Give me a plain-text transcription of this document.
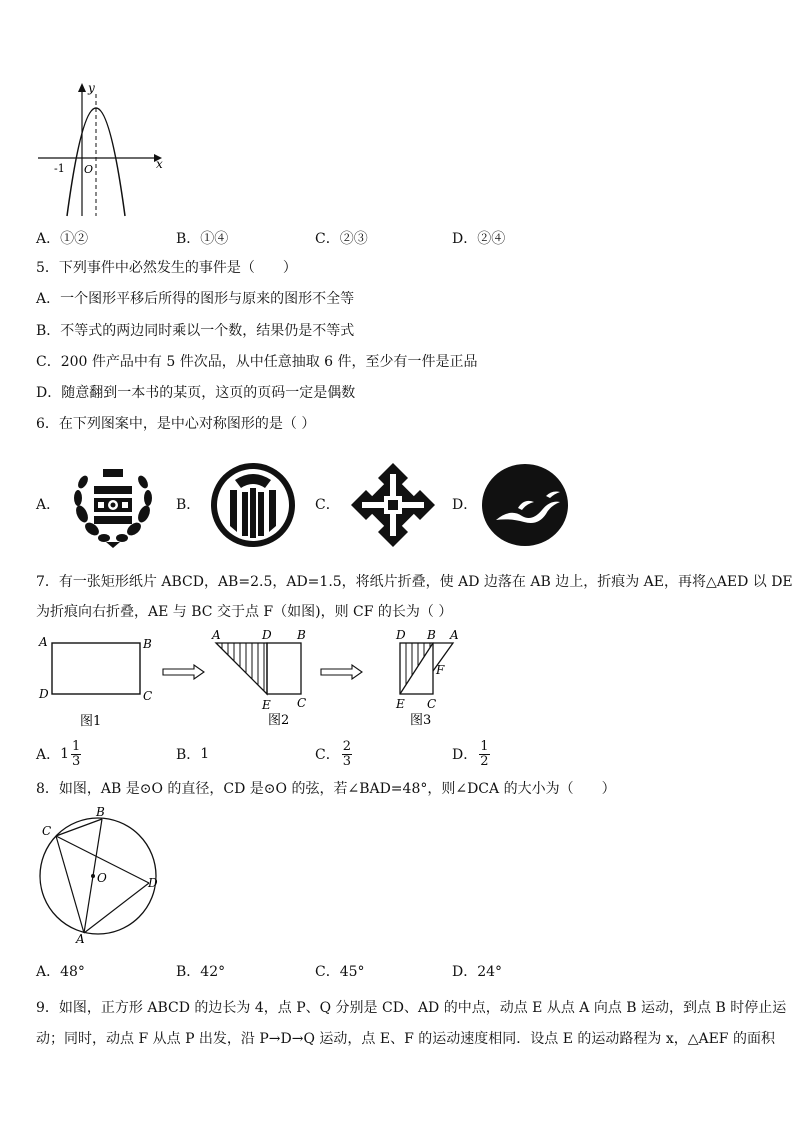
y
x
-1 O
A．①②	B．①④	C．②③	D．②④
5．下列事件中必然发生的事件是（　　）
A．一个图形平移后所得的图形与原来的图形不全等
B．不等式的两边同时乘以一个数，结果仍是不等式
C．200 件产品中有 5 件次品，从中任意抽取 6 件，至少有一件是正品
D．随意翻到一本书的某页，这页的页码一定是偶数
6．在下列图案中，是中心对称图形的是（ ）
A．	B．	C．	D．
7．有一张矩形纸片 ABCD，AB=2.5，AD=1.5，将纸片折叠，使 AD 边落在 AB 边上，折痕为 AE，再将△AED 以 DE
为折痕向右折叠，AE 与 BC 交于点 F（如图)，则 CF 的长为（ ）
A	B
D	C
图1
A	D B
E C
图2
D B A
F
E C
图3
A． $1 \frac{1}{3}$	B． 1	C． $\frac{2}{3}$	D． $\frac{1}{2}$
8．如图，AB 是⊙O 的直径，CD 是⊙O 的弦，若∠BAD=48°，则∠DCA 的大小为（　　）
C
B
O	D
A
A．48°	B．42°	C．45°	D．24°
9．如图，正方形 ABCD 的边长为 4，点 P、Q 分别是 CD、AD 的中点，动点 E 从点 A 向点 B 运动，到点 B 时停止运
动；同时，动点 F 从点 P 出发，沿 P→D→Q 运动，点 E、F 的运动速度相同．设点 E 的运动路程为 x，△AEF 的面积
